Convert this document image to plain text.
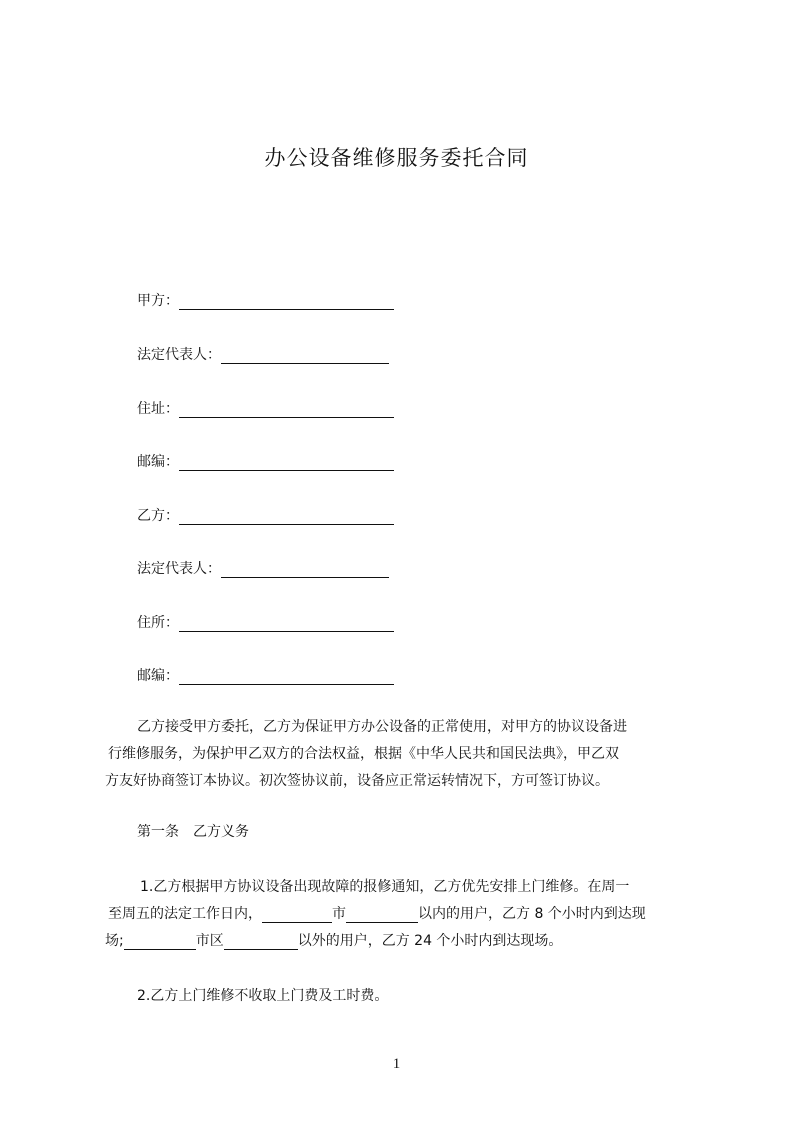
办公设备维修服务委托合同
甲方：
法定代表人：
住址：
邮编：
乙方：
法定代表人：
住所：
邮编：
乙方接受甲方委托，乙方为保证甲方办公设备的正常使用，对甲方的协议设备进
行维修服务，为保护甲乙双方的合法权益，根据《中华人民共和国民法典》，甲乙双
方友好协商签订本协议。初次签协议前，设备应正常运转情况下，方可签订协议。
第一条　乙方义务
1.乙方根据甲方协议设备出现故障的报修通知，乙方优先安排上门维修。在周一
至周五的法定工作日内，	市	以内的用户，乙方 8 个小时内到达现
场;	市区	以外的用户，乙方 24 个小时内到达现场。
2.乙方上门维修不收取上门费及工时费。
1
